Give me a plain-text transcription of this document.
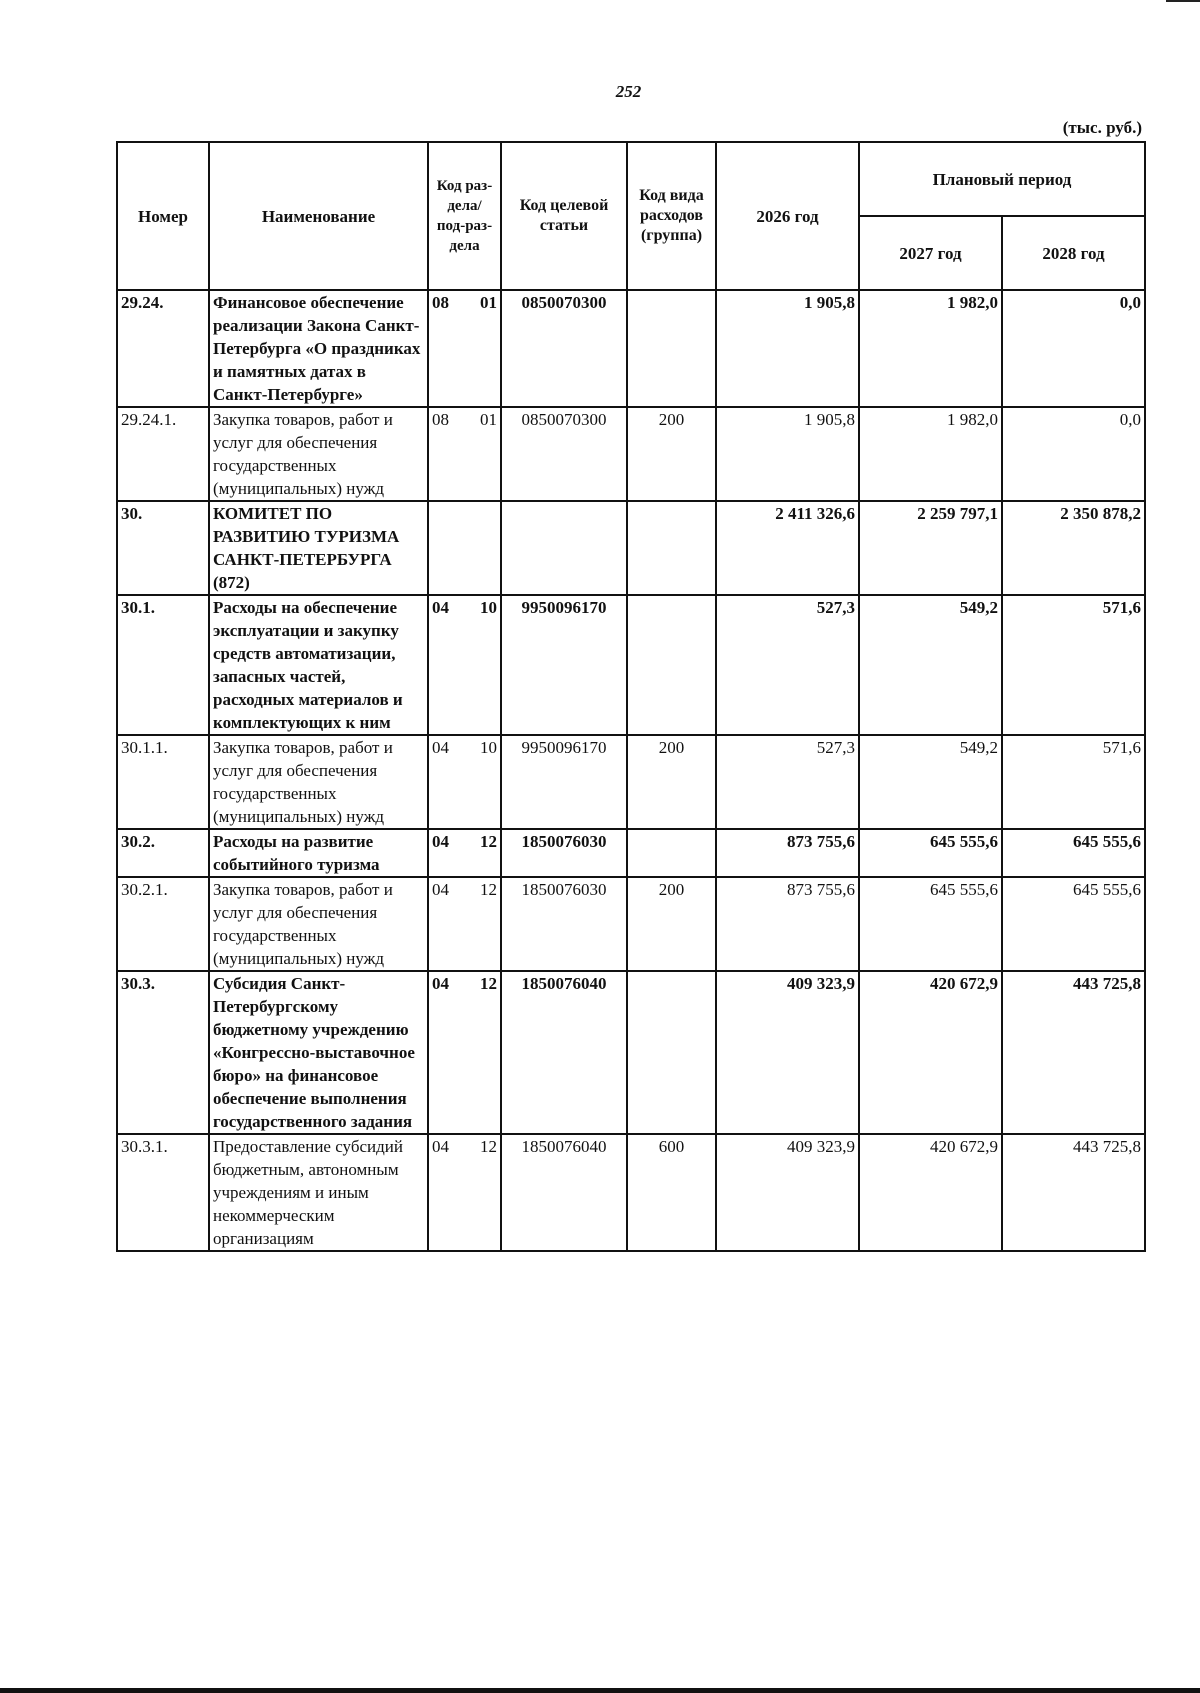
252
(тыс. руб.)
Номер	Наименование	Код раз-дела/ под-раз-дела	Код целевой статьи	Код вида расходов (группа)	2026 год	Плановый период	
						2027 год	2028 год
29.24.	Финансовое обеспечение реализации Закона Санкт-Петербурга «О праздниках и памятных датах в Санкт-Петербурге»	08 01	0850070300		1 905,8	1 982,0	0,0
29.24.1.	Закупка товаров, работ и услуг для обеспечения государственных (муниципальных) нужд	08 01	0850070300	200	1 905,8	1 982,0	0,0
30.	КОМИТЕТ ПО РАЗВИТИЮ ТУРИЗМА САНКТ-ПЕТЕРБУРГА (872)				2 411 326,6	2 259 797,1	2 350 878,2
30.1.	Расходы на обеспечение эксплуатации и закупку средств автоматизации, запасных частей, расходных материалов и комплектующих к ним	04 10	9950096170		527,3	549,2	571,6
30.1.1.	Закупка товаров, работ и услуг для обеспечения государственных (муниципальных) нужд	04 10	9950096170	200	527,3	549,2	571,6
30.2.	Расходы на развитие событийного туризма	04 12	1850076030		873 755,6	645 555,6	645 555,6
30.2.1.	Закупка товаров, работ и услуг для обеспечения государственных (муниципальных) нужд	04 12	1850076030	200	873 755,6	645 555,6	645 555,6
30.3.	Субсидия Санкт-Петербургскому бюджетному учреждению «Конгрессно-выставочное бюро» на финансовое обеспечение выполнения государственного задания	04 12	1850076040		409 323,9	420 672,9	443 725,8
30.3.1.	Предоставление субсидий бюджетным, автономным учреждениям и иным некоммерческим организациям	04 12	1850076040	600	409 323,9	420 672,9	443 725,8
